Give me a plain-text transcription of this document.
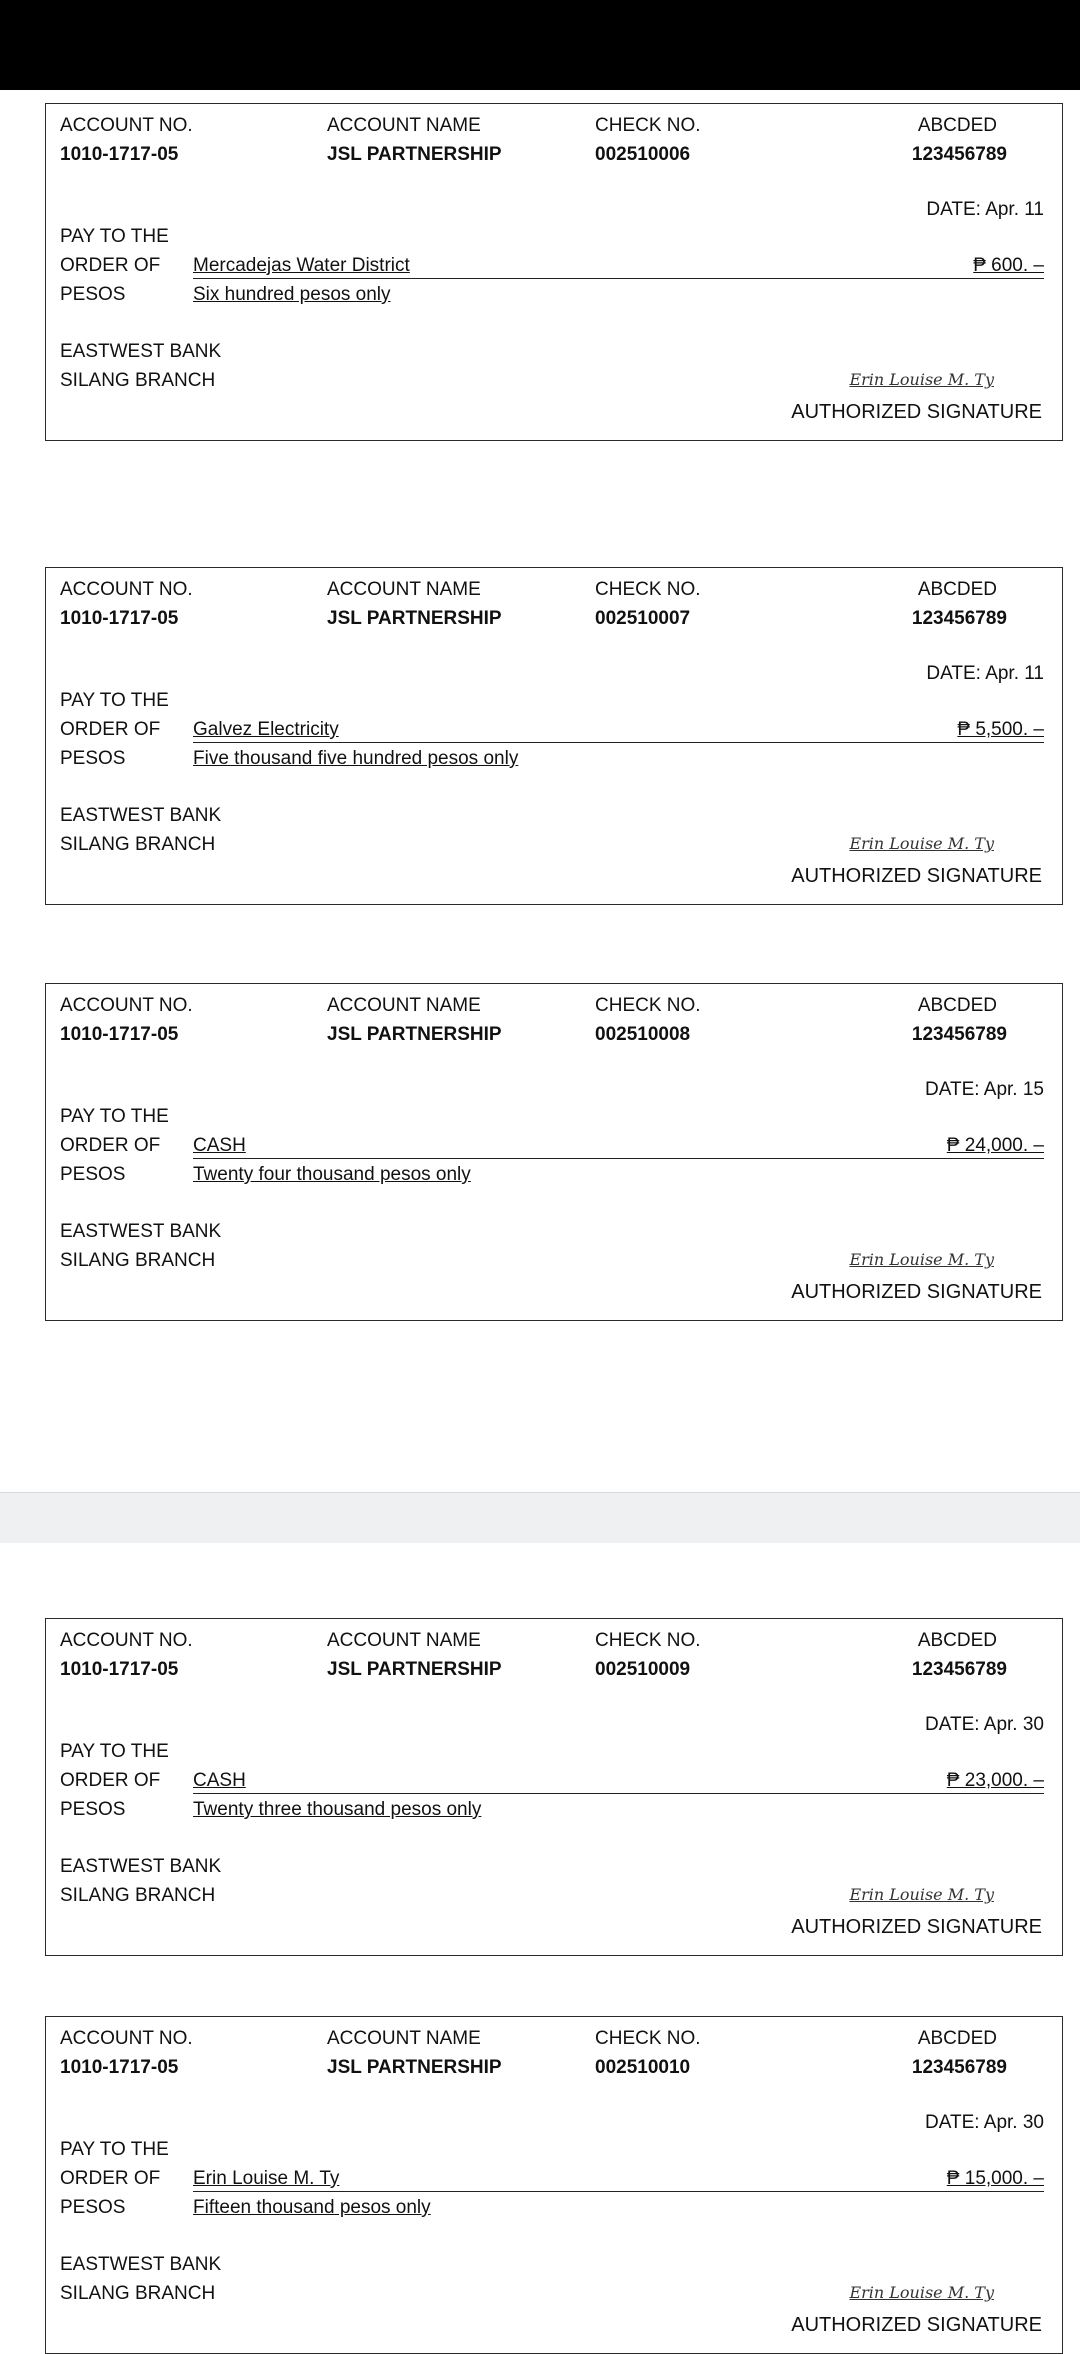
ACCOUNT NO.
1010-1717-05
ACCOUNT NAME
JSL PARTNERSHIP
CHECK NO.
002510006
ABCDED
123456789
DATE: Apr. 11
PAY TO THE
ORDER OF
PESOS
Mercadejas Water District	₱ 600. –
Six hundred pesos only
EASTWEST BANK
SILANG BRANCH	Erin Louise M. Ty
AUTHORIZED SIGNATURE
ACCOUNT NO.
1010-1717-05
ACCOUNT NAME
JSL PARTNERSHIP
CHECK NO.
002510007
ABCDED
123456789
DATE: Apr. 11
PAY TO THE
ORDER OF
PESOS
Galvez Electricity	₱ 5,500. –
Five thousand five hundred pesos only
EASTWEST BANK
SILANG BRANCH	Erin Louise M. Ty
AUTHORIZED SIGNATURE
ACCOUNT NO.
1010-1717-05
ACCOUNT NAME
JSL PARTNERSHIP
CHECK NO.
002510008
ABCDED
123456789
DATE: Apr. 15
PAY TO THE
ORDER OF
PESOS
CASH	₱ 24,000. –
Twenty four thousand pesos only
EASTWEST BANK
SILANG BRANCH	Erin Louise M. Ty
AUTHORIZED SIGNATURE
ACCOUNT NO.
1010-1717-05
ACCOUNT NAME
JSL PARTNERSHIP
CHECK NO.
002510009
ABCDED
123456789
DATE: Apr. 30
PAY TO THE
ORDER OF
PESOS
CASH	₱ 23,000. –
Twenty three thousand pesos only
EASTWEST BANK
SILANG BRANCH	Erin Louise M. Ty
AUTHORIZED SIGNATURE
ACCOUNT NO.
1010-1717-05
ACCOUNT NAME
JSL PARTNERSHIP
CHECK NO.
002510010
ABCDED
123456789
DATE: Apr. 30
PAY TO THE
ORDER OF
PESOS
Erin Louise M. Ty	₱ 15,000. –
Fifteen thousand pesos only
EASTWEST BANK
SILANG BRANCH	Erin Louise M. Ty
AUTHORIZED SIGNATURE
